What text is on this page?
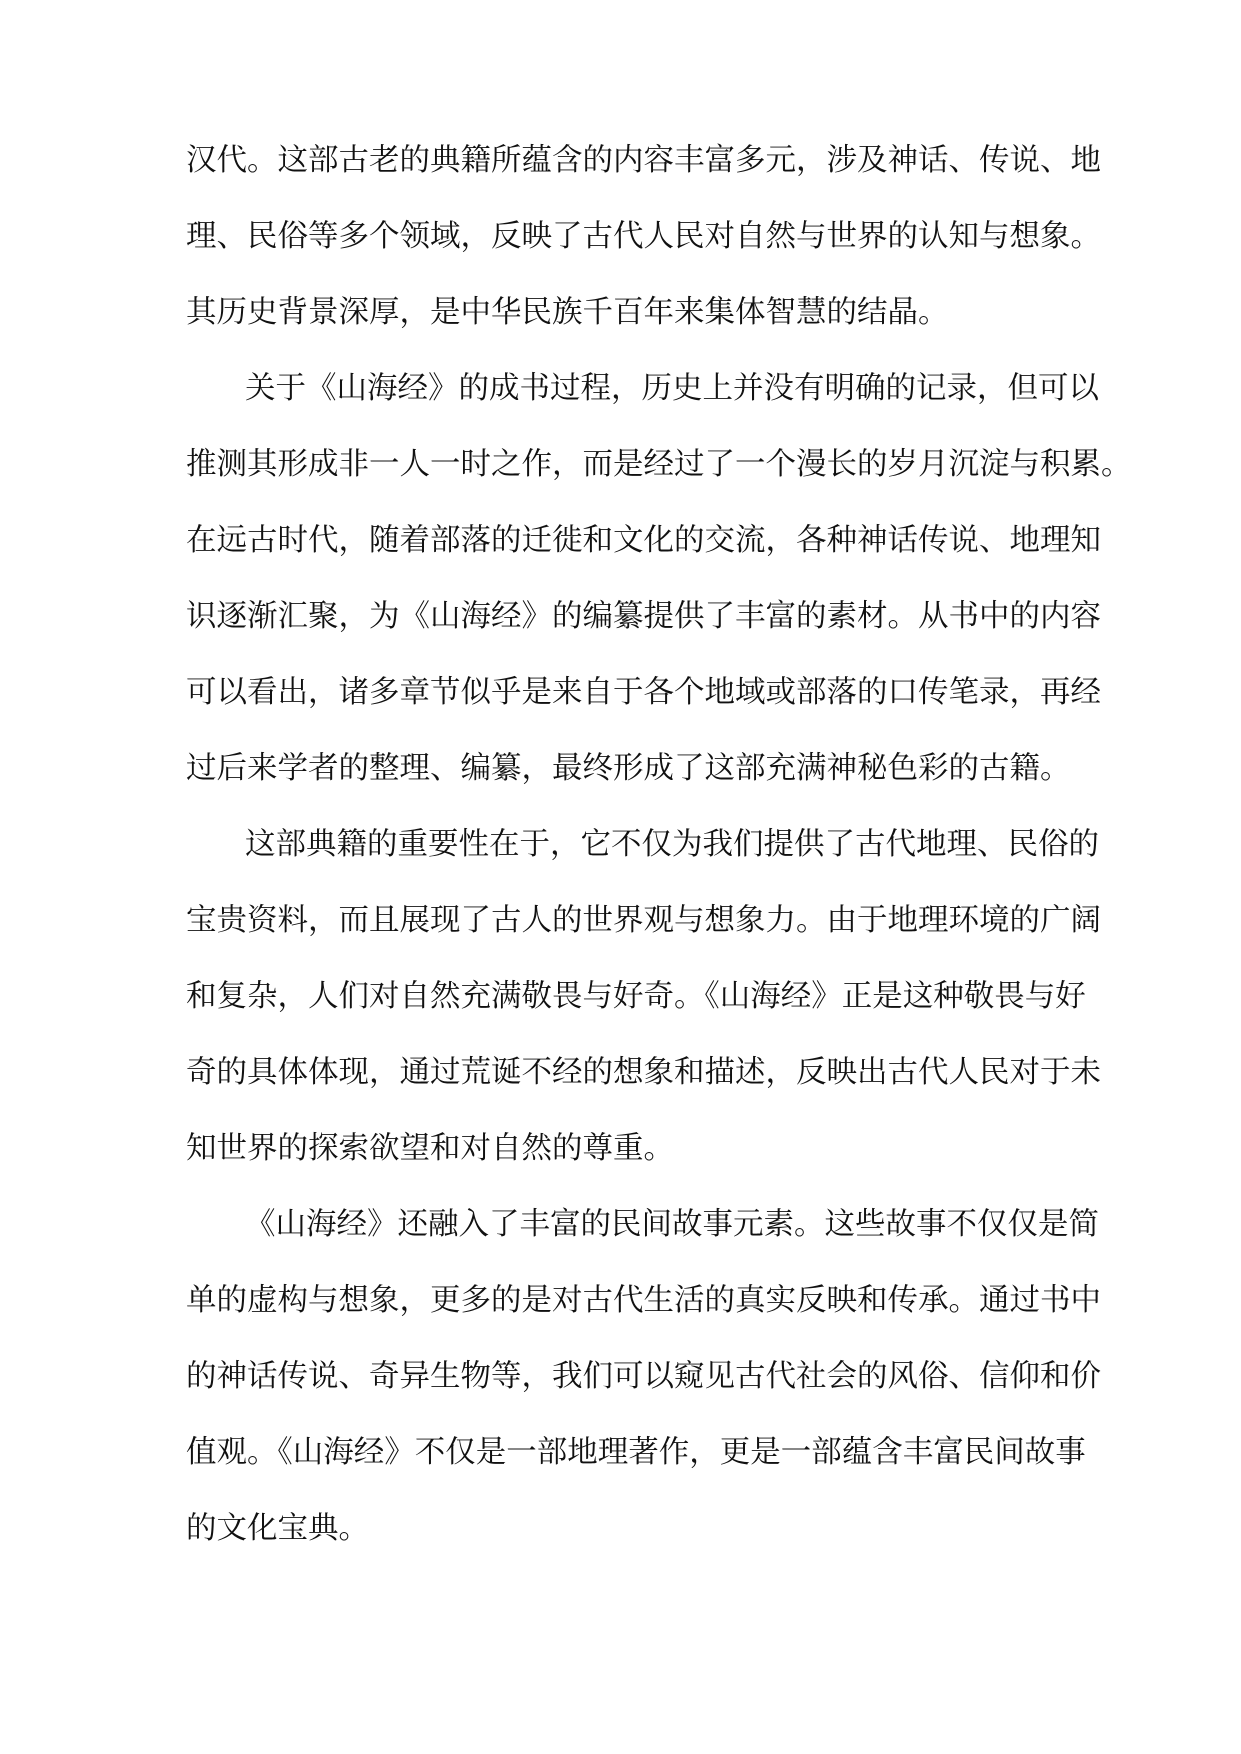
汉代。这部古老的典籍所蕴含的内容丰富多元，涉及神话、传说、地
理、民俗等多个领域，反映了古代人民对自然与世界的认知与想象。
其历史背景深厚，是中华民族千百年来集体智慧的结晶。
关于《山海经》的成书过程，历史上并没有明确的记录，但可以
推测其形成非一人一时之作，而是经过了一个漫长的岁月沉淀与积累。
在远古时代，随着部落的迁徙和文化的交流，各种神话传说、地理知
识逐渐汇聚，为《山海经》的编纂提供了丰富的素材。从书中的内容
可以看出，诸多章节似乎是来自于各个地域或部落的口传笔录，再经
过后来学者的整理、编纂，最终形成了这部充满神秘色彩的古籍。
这部典籍的重要性在于，它不仅为我们提供了古代地理、民俗的
宝贵资料，而且展现了古人的世界观与想象力。由于地理环境的广阔
和复杂，人们对自然充满敬畏与好奇。《山海经》正是这种敬畏与好
奇的具体体现，通过荒诞不经的想象和描述，反映出古代人民对于未
知世界的探索欲望和对自然的尊重。
《山海经》还融入了丰富的民间故事元素。这些故事不仅仅是简
单的虚构与想象，更多的是对古代生活的真实反映和传承。通过书中
的神话传说、奇异生物等，我们可以窥见古代社会的风俗、信仰和价
值观。《山海经》不仅是一部地理著作，更是一部蕴含丰富民间故事
的文化宝典。
